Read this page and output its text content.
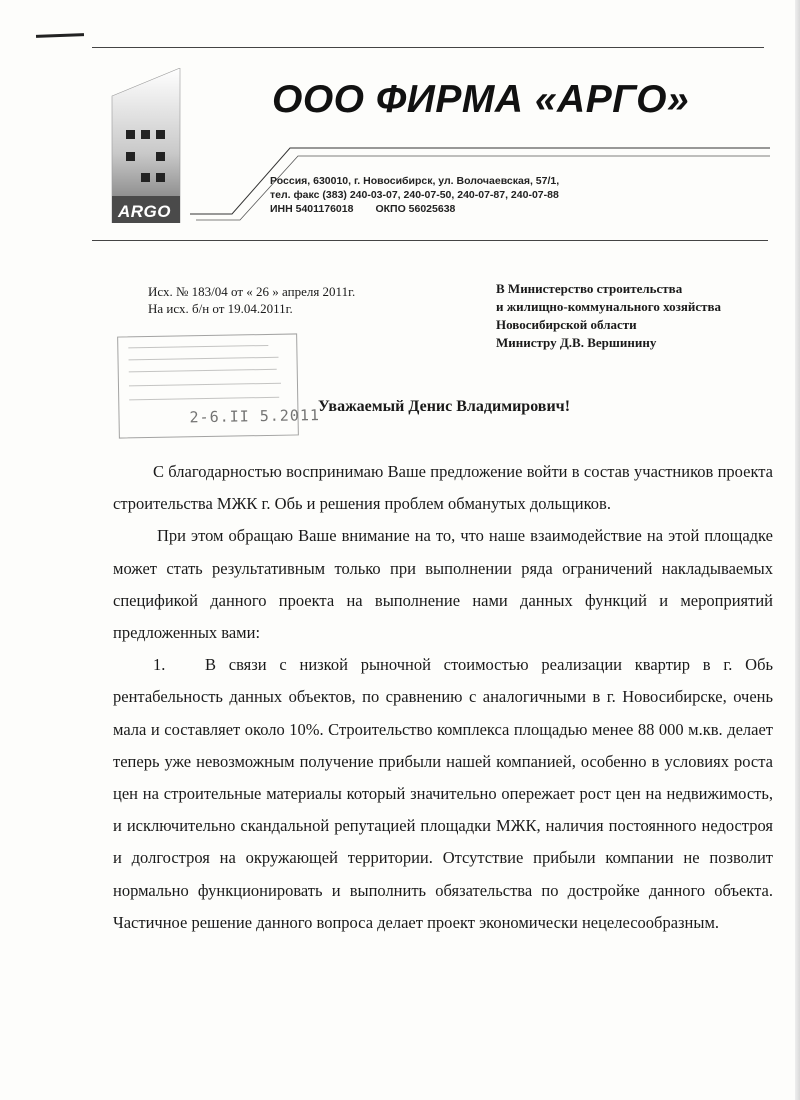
ARGO
ООО ФИРМА «АРГО»
Россия, 630010, г. Новосибирск, ул. Волочаевская, 57/1,
тел. факс (383) 240-03-07, 240-07-50, 240-07-87, 240-07-88
ИНН 5401176018 ОКПО 56025638
Исх. № 183/04 от « 26 » апреля 2011г.
На исх. б/н от 19.04.2011г.
В Министерство строительства
и жилищно-коммунального хозяйства
Новосибирской области
Министру Д.В. Вершинину
2-6.II 5.2011
Уважаемый Денис Владимирович!

С благодарностью воспринимаю Ваше предложение войти в состав участников проекта строительства МЖК г. Обь и решения проблем обманутых дольщиков.

При этом обращаю Ваше внимание на то, что наше взаимодействие на этой площадке может стать результативным только при выполнении ряда ограничений накладываемых спецификой данного проекта на выполнение нами данных функций и мероприятий предложенных вами:

1. В связи с низкой рыночной стоимостью реализации квартир в г. Обь рентабельность данных объектов, по сравнению с аналогичными в г. Новосибирске, очень мала и составляет около 10%. Строительство комплекса площадью менее 88 000 м.кв. делает теперь уже невозможным получение прибыли нашей компанией, особенно в условиях роста цен на строительные материалы который значительно опережает рост цен на недвижимость, и исключительно скандальной репутацией площадки МЖК, наличия постоянного недостроя и долгостроя на окружающей территории. Отсутствие прибыли компании не позволит нормально функционировать и выполнить обязательства по достройке данного объекта. Частичное решение данного вопроса делает проект экономически нецелесообразным.
